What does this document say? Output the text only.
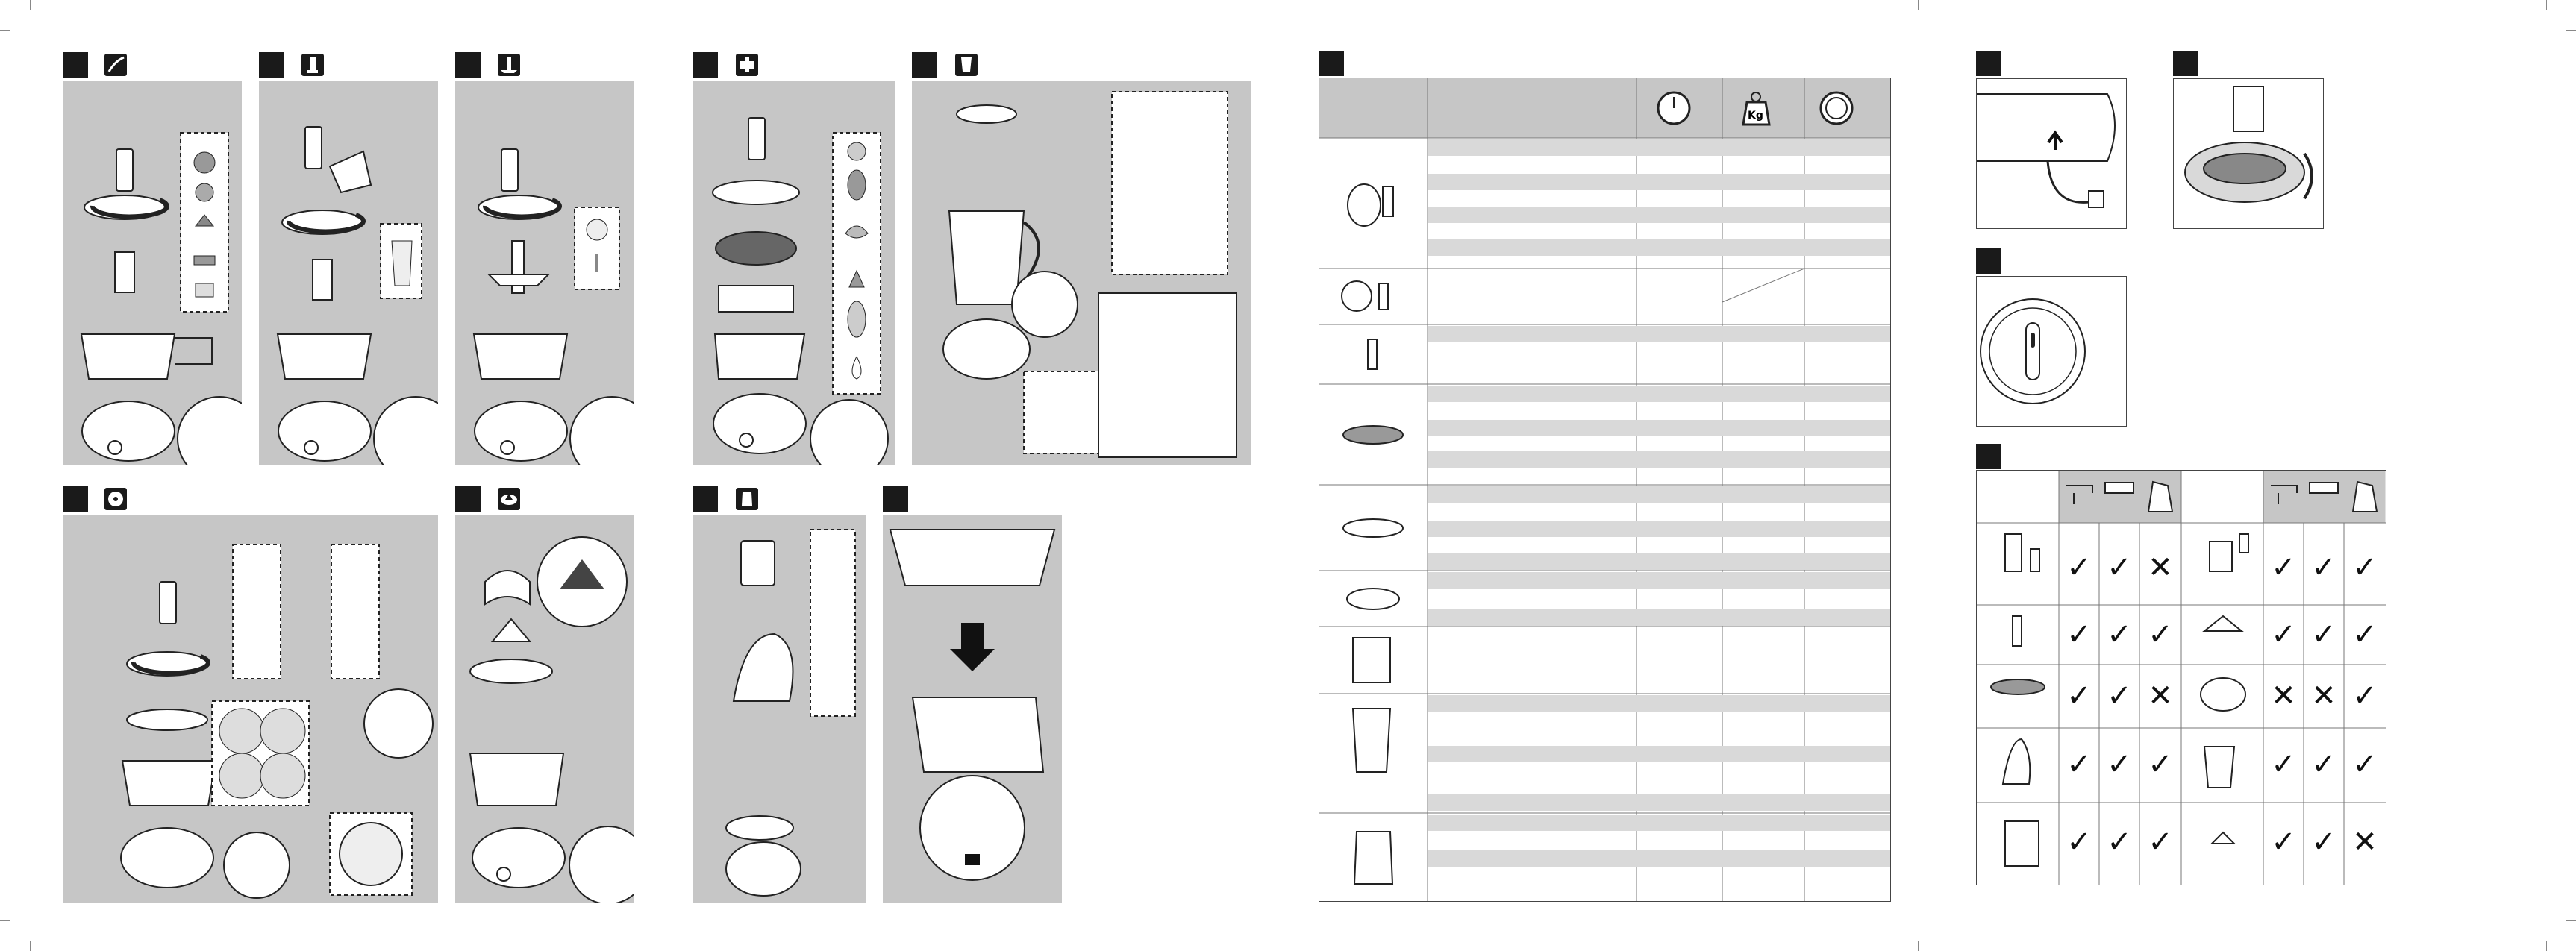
Kg
✓ ✓ ✕	✓ ✓ ✓
✓ ✓ ✓	✓ ✓ ✓
✓ ✓ ✕	✕ ✕ ✓
✓ ✓ ✓	✓ ✓ ✓
✓ ✓ ✓	✓ ✓ ✕
